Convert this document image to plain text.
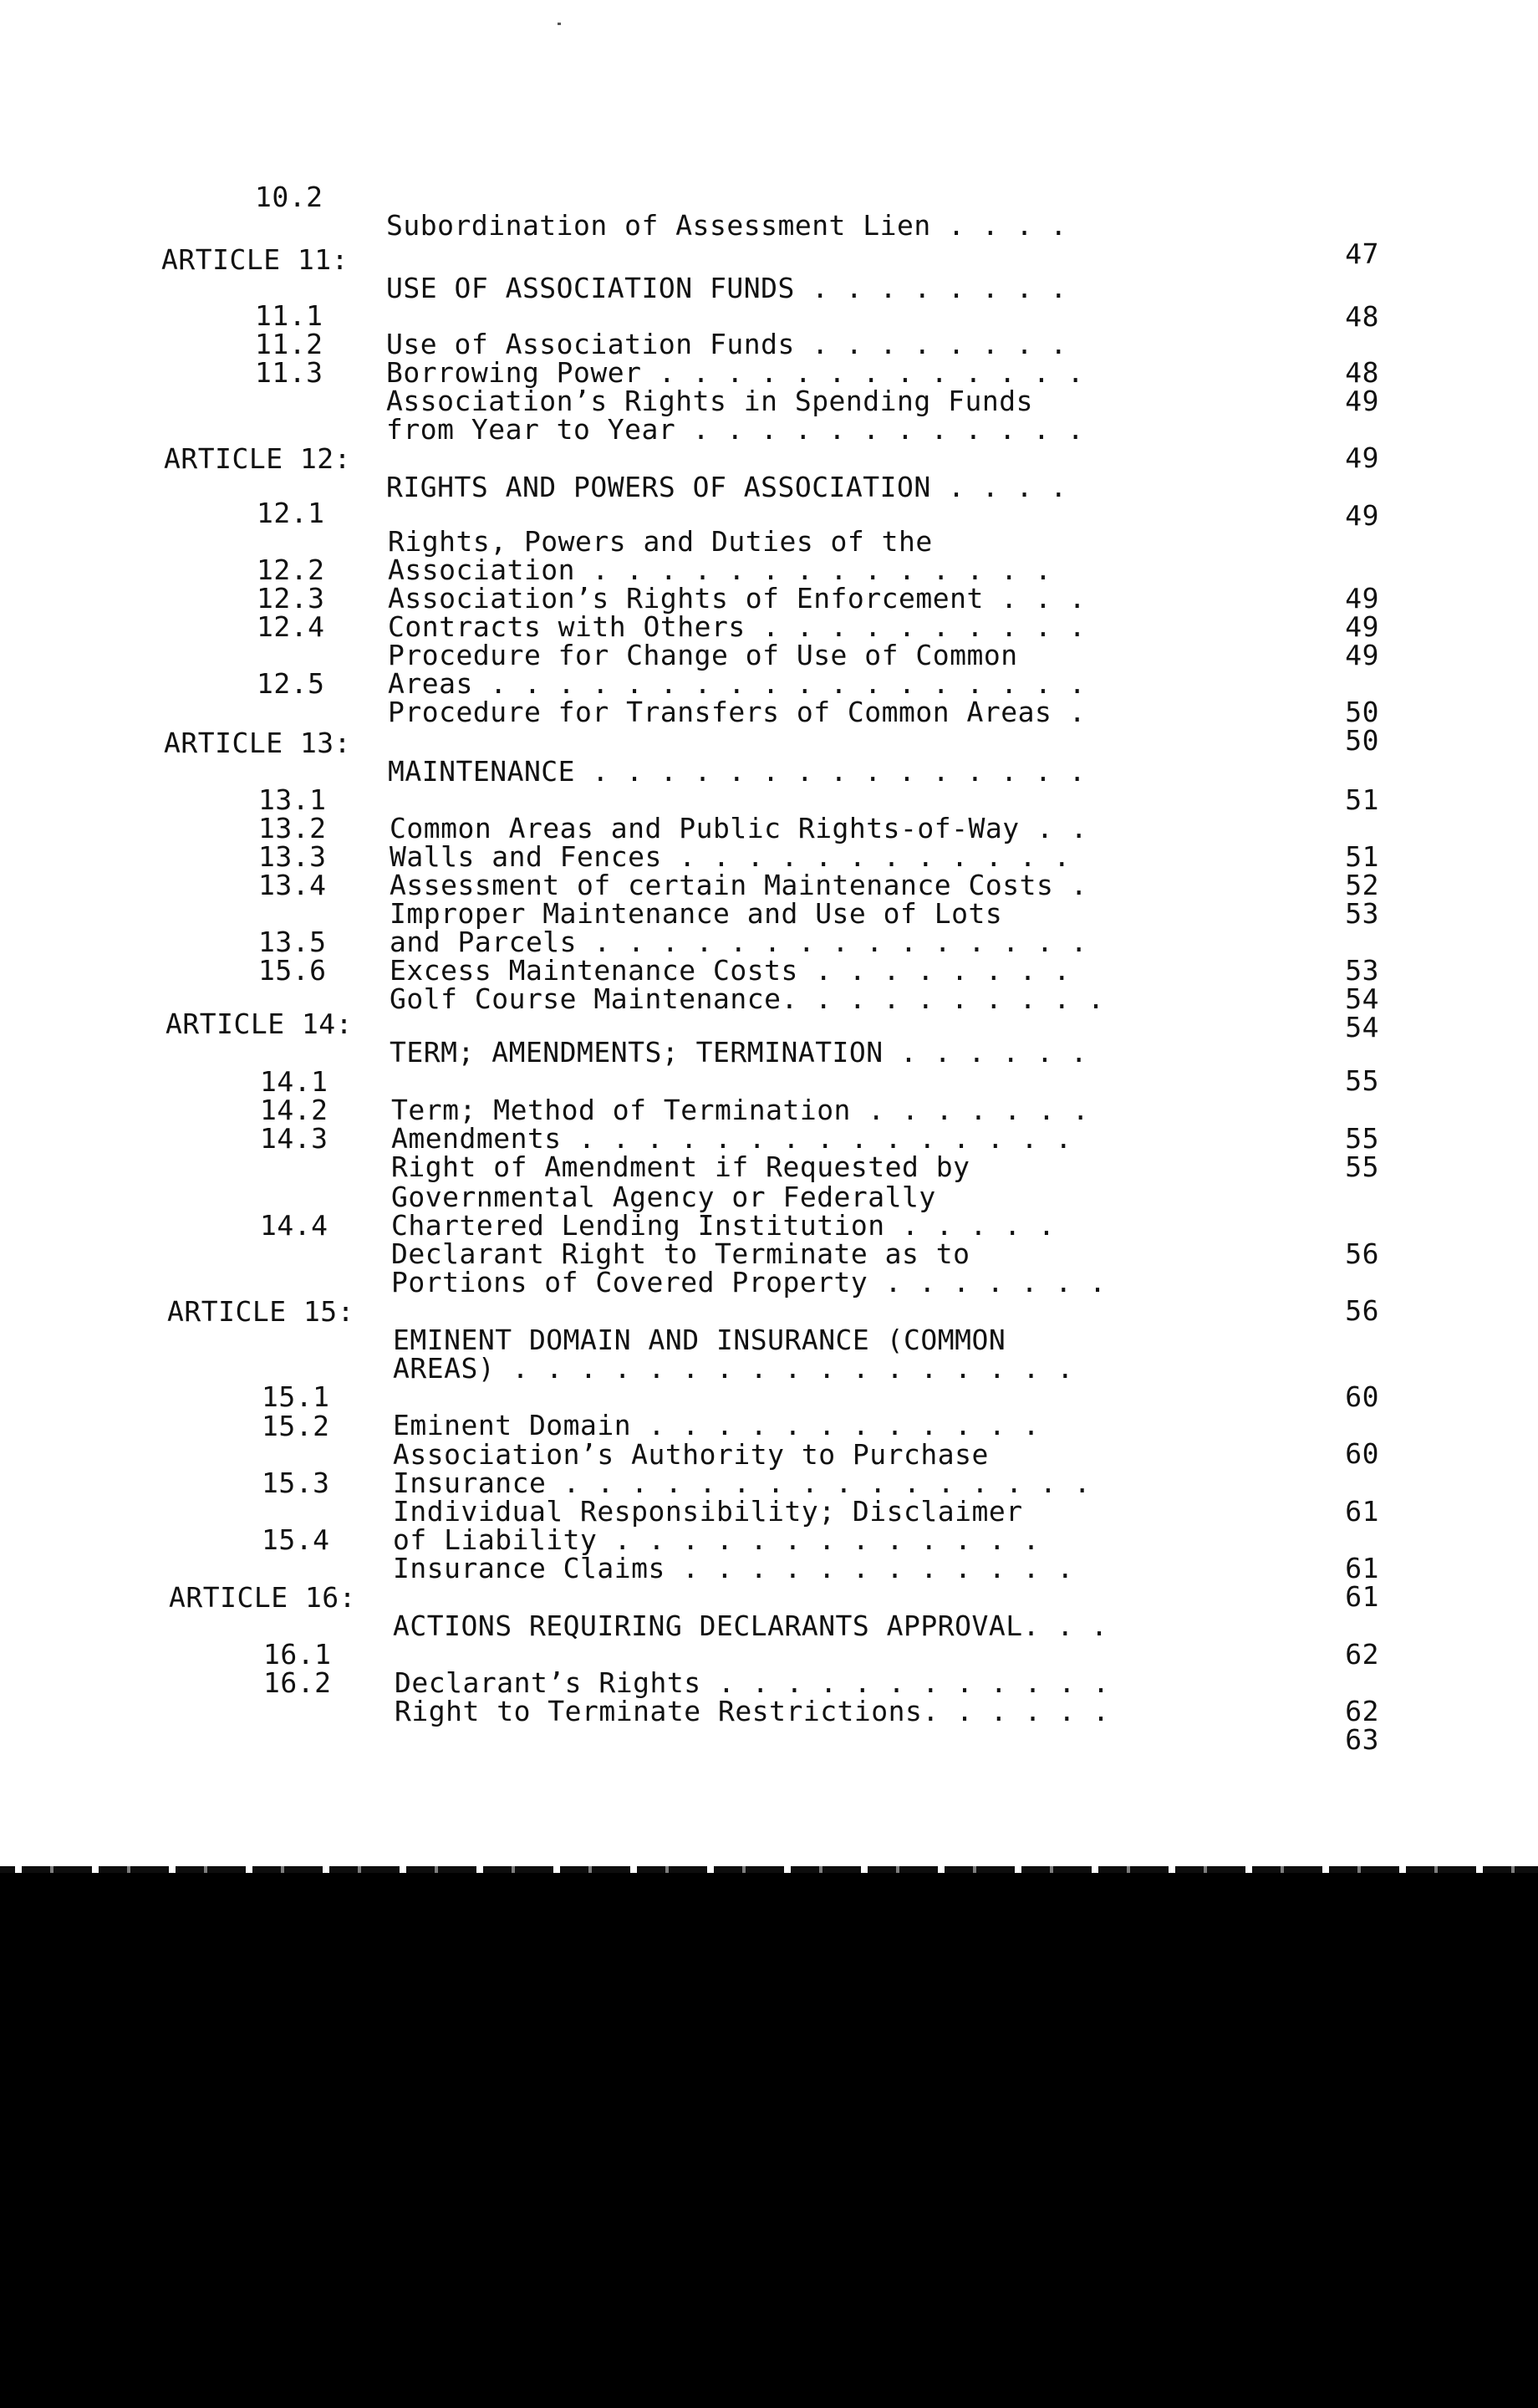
10.2

Subordination of Assessment Lien . . . .

47

ARTICLE 11:

USE OF ASSOCIATION FUNDS . . . . . . . .

48

11.1

Use of Association Funds . . . . . . . .

48

11.2

Borrowing Power . . . . . . . . . . . . .

49

11.3

Association’s Rights in Spending Funds

from Year to Year . . . . . . . . . . . .

49

ARTICLE 12:

RIGHTS AND POWERS OF ASSOCIATION . . . .

49

12.1

Rights, Powers and Duties of the

Association . . . . . . . . . . . . . .

49

12.2

Association’s Rights of Enforcement . . .

49

12.3

Contracts with Others . . . . . . . . . .

49

12.4

Procedure for Change of Use of Common

Areas . . . . . . . . . . . . . . . . . .

50

12.5

Procedure for Transfers of Common Areas .

50

ARTICLE 13:

MAINTENANCE . . . . . . . . . . . . . . .

51

13.1

Common Areas and Public Rights-of-Way . .

51

13.2

Walls and Fences . . . . . . . . . . . .

52

13.3

Assessment of certain Maintenance Costs .

53

13.4

Improper Maintenance and Use of Lots

and Parcels . . . . . . . . . . . . . . .

53

13.5

Excess Maintenance Costs . . . . . . . .

54

15.6

Golf Course Maintenance. . . . . . . . . .

54

ARTICLE 14:

TERM; AMENDMENTS; TERMINATION . . . . . .

55

14.1

Term; Method of Termination . . . . . . .

55

14.2

Amendments . . . . . . . . . . . . . . .

55

14.3

Right of Amendment if Requested by

Governmental Agency or Federally

Chartered Lending Institution . . . . .

56

14.4

Declarant Right to Terminate as to

Portions of Covered Property . . . . . . .

56

ARTICLE 15:

EMINENT DOMAIN AND INSURANCE (COMMON

AREAS) . . . . . . . . . . . . . . . . .

60

15.1

Eminent Domain . . . . . . . . . . . .

60

15.2

Association’s Authority to Purchase

Insurance . . . . . . . . . . . . . . . .

61

15.3

Individual Responsibility; Disclaimer

of Liability . . . . . . . . . . . . .

61

15.4

Insurance Claims . . . . . . . . . . . .

61

ARTICLE 16:

ACTIONS REQUIRING DECLARANTS APPROVAL. . .

62

16.1

Declarant’s Rights . . . . . . . . . . . .

62

16.2

Right to Terminate Restrictions. . . . . .

63
